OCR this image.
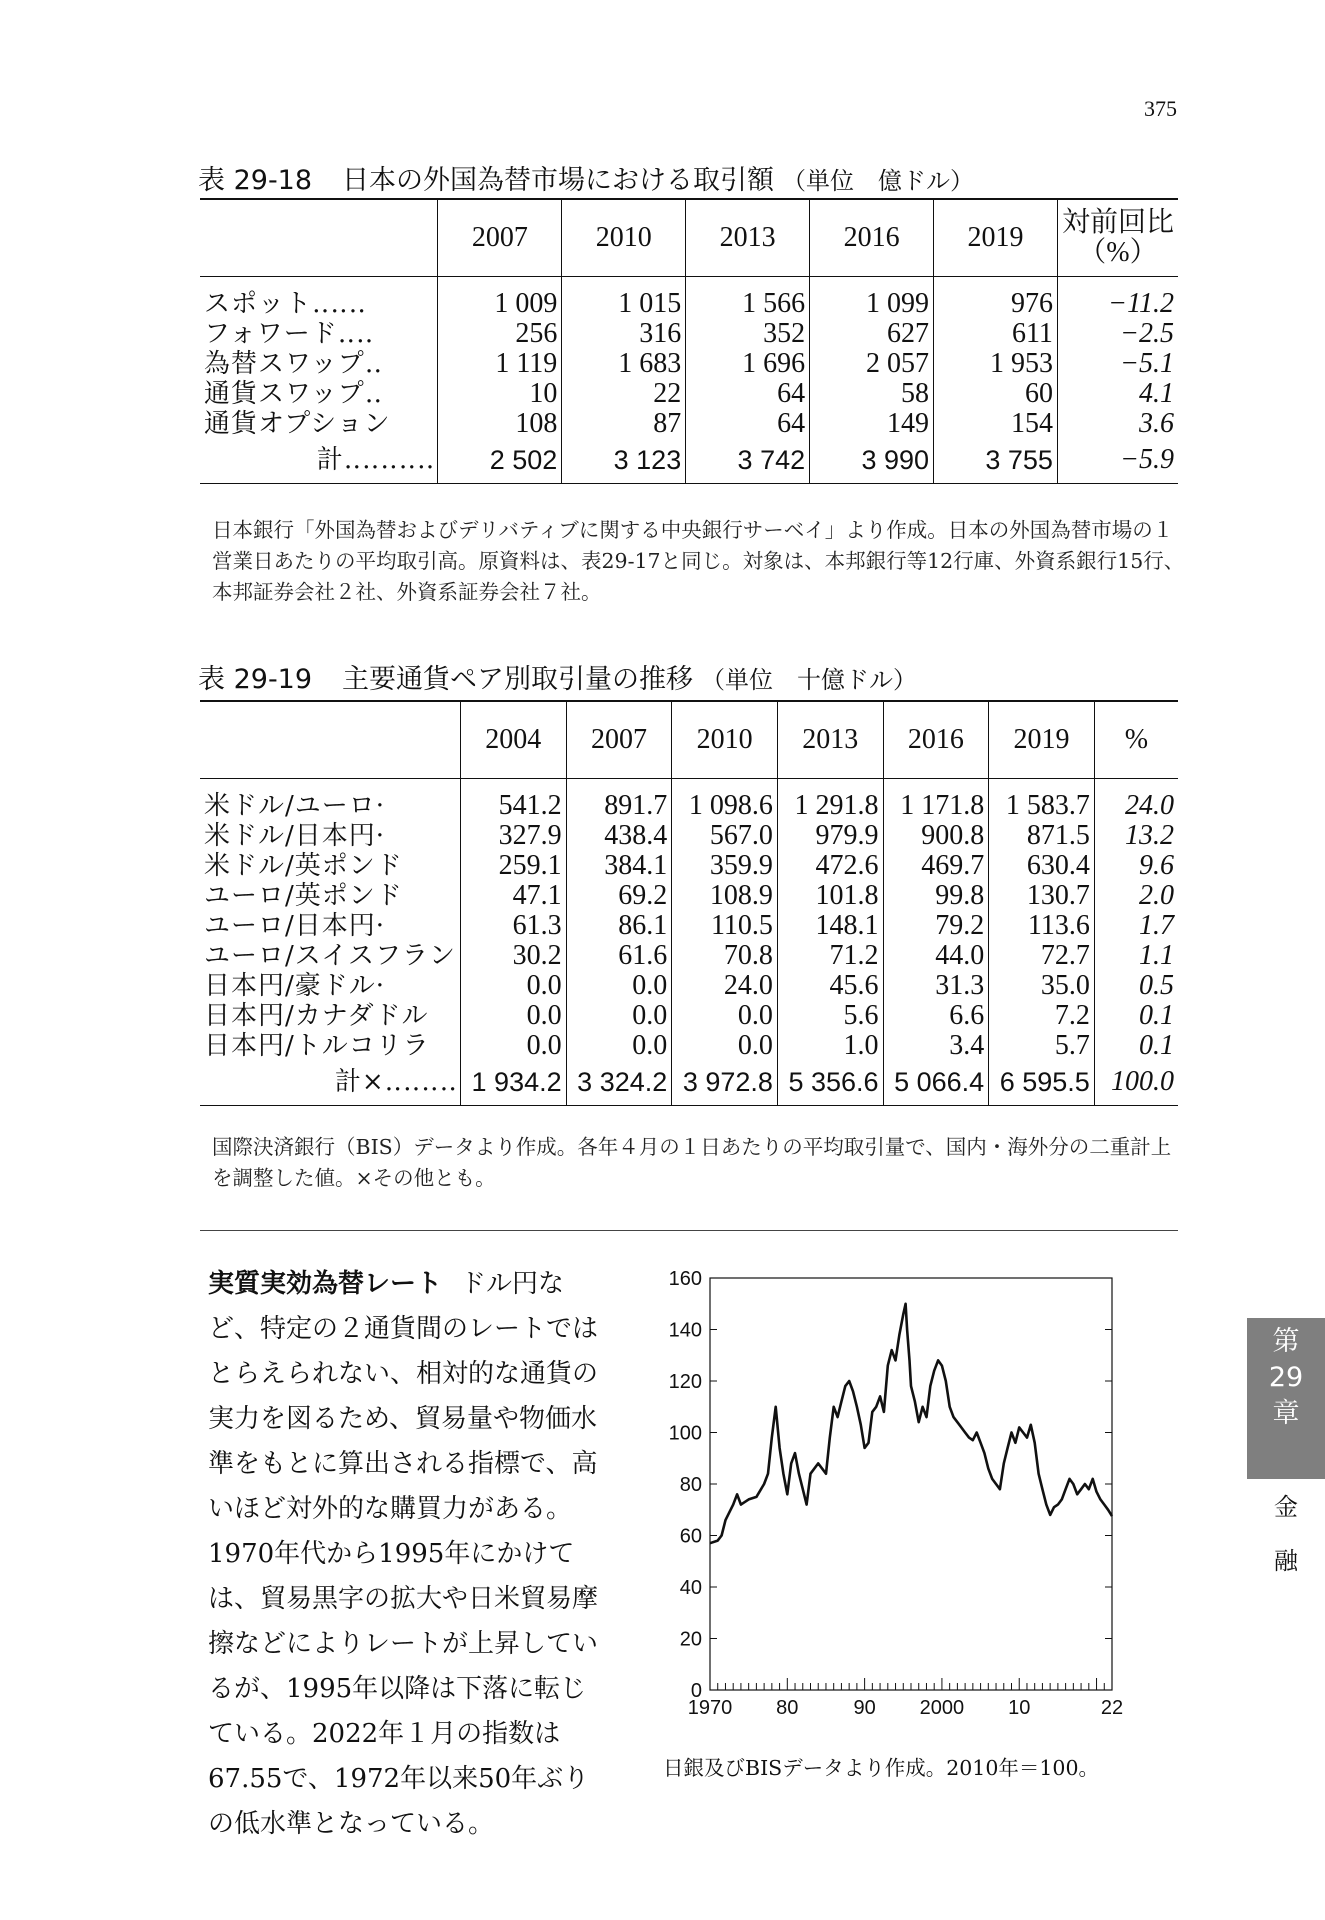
375
表 29-18 日本の外国為替市場における取引額 （単位　億ドル）
	2007	2010	2013	2016	2019	対前回比
（%）

スポット‥‥‥	1 009	1 015	1 566	1 099	976	−11.2
フォワード‥‥	256	316	352	627	611	−2.5
為替スワップ‥	1 119	1 683	1 696	2 057	1 953	−5.1
通貨スワップ‥	10	22	64	58	60	4.1
通貨オプション	108	87	64	149	154	3.6
計‥‥‥‥‥	2 502	3 123	3 742	3 990	3 755	−5.9
日本銀行「外国為替およびデリバティブに関する中央銀行サーベイ」より作成。日本の外国為替市場の１営業日あたりの平均取引高。原資料は、表29-17と同じ。対象は、本邦銀行等12行庫、外資系銀行15行、本邦証券会社２社、外資系証券会社７社。
表 29-19 主要通貨ペア別取引量の推移 （単位　十億ドル）
	2004	2007	2010	2013	2016	2019	%
米ドル/ユーロ·	541.2	891.7	1 098.6	1 291.8	1 171.8	1 583.7	24.0
米ドル/日本円·	327.9	438.4	567.0	979.9	900.8	871.5	13.2
米ドル/英ポンド	259.1	384.1	359.9	472.6	469.7	630.4	9.6
ユーロ/英ポンド	47.1	69.2	108.9	101.8	99.8	130.7	2.0
ユーロ/日本円·	61.3	86.1	110.5	148.1	79.2	113.6	1.7
ユーロ/スイスフラン	30.2	61.6	70.8	71.2	44.0	72.7	1.1
日本円/豪ドル·	0.0	0.0	24.0	45.6	31.3	35.0	0.5
日本円/カナダドル	0.0	0.0	0.0	5.6	6.6	7.2	0.1
日本円/トルコリラ	0.0	0.0	0.0	1.0	3.4	5.7	0.1
計×‥‥‥‥	1 934.2	3 324.2	3 972.8	5 356.6	5 066.4	6 595.5	100.0
国際決済銀行（BIS）データより作成。各年４月の１日あたりの平均取引量で、国内・海外分の二重計上を調整した値。×その他とも。
実質実効為替レート ドル円など、特定の２通貨間のレートではとらえられない、相対的な通貨の実力を図るため、貿易量や物価水準をもとに算出される指標で、高いほど対外的な購買力がある。1970年代から1995年にかけては、貿易黒字の拡大や日米貿易摩擦などによりレートが上昇しているが、1995年以降は下落に転じている。2022年１月の指数は67.55で、1972年以来50年ぶりの低水準となっている。
0
20
40
60
80
100
120
140
160
1970 80	90 2000 10	22
日銀及びBISデータより作成。2010年＝100。
第
29
章
金
融
